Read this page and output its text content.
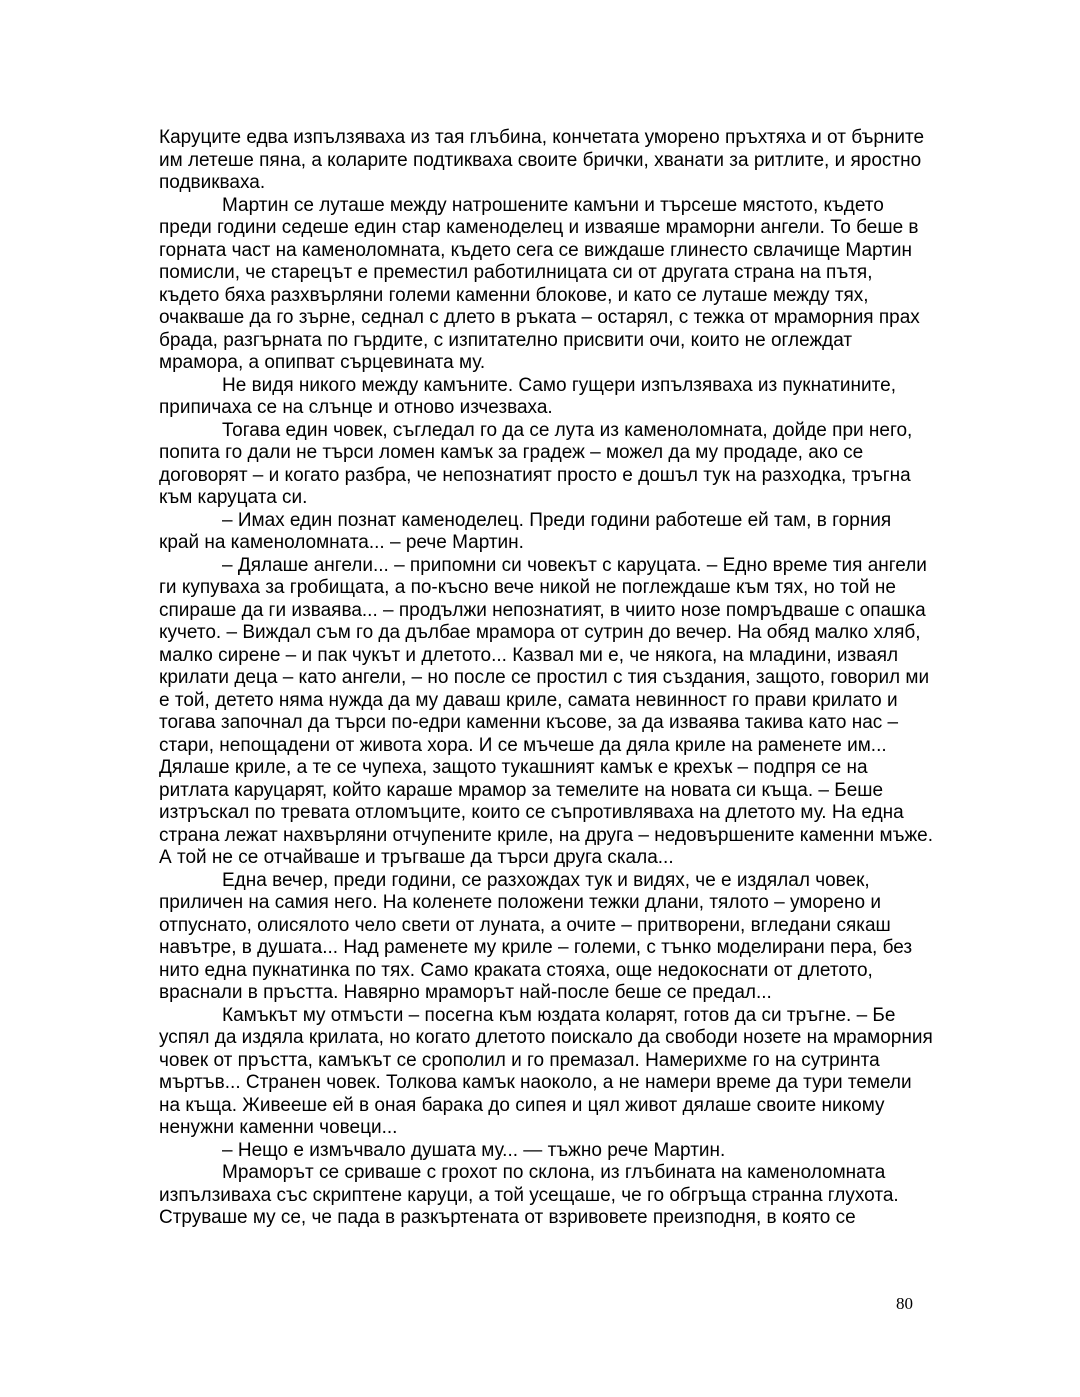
Каруците едва изпълзяваха из тая глъбина, кончетата уморено пръхтяха и от бърните им летеше пяна, а коларите подтикваха своите брички, хванати за ритлите, и яростно подвикваха.

Мартин се луташе между натрошените камъни и търсеше мястото, където преди години седеше един стар каменоделец и изваяше мраморни ангели. То беше в горната част на каменоломната, където сега се виждаше глинесто свлачище Мартин помисли, че старецът е преместил работилницата си от другата страна на пътя, където бяха разхвърляни големи каменни блокове, и като се луташе между тях, очакваше да го зърне, седнал с длето в ръката – остарял, с тежка от мраморния прах брада, разгърната по гърдите, с изпитателно присвити очи, които не оглеждат мрамора, а опипват сърцевината му.

Не видя никого между камъните. Само гущери изпълзяваха из пукнатините, припичаха се на слънце и отново изчезваха.

Тогава един човек, съгледал го да се лута из каменоломната, дойде при него, попита го дали не търси ломен камък за градеж – можел да му продаде, ако се договорят – и когато разбра, че непознатият просто е дошъл тук на разходка, тръгна към каруцата си.

– Имах един познат каменоделец. Преди години работеше ей там, в горния край на каменоломната... – рече Мартин.

– Дялаше ангели... – припомни си човекът с каруцата. – Едно време тия ангели ги купуваха за гробищата, а по-късно вече никой не поглеждаше към тях, но той не спираше да ги изваява... – продължи непознатият, в чиито нозе помръдваше с опашка кучето. – Виждал съм го да дълбае мрамора от сутрин до вечер. На обяд малко хляб, малко сирене – и пак чукът и длетото... Казвал ми е, че някога, на младини, изваял крилати деца – като ангели, – но после се простил с тия създания, защото, говорил ми е той, детето няма нужда да му даваш криле, самата невинност го прави крилато и тогава започнал да търси по-едри каменни късове, за да изваява такива като нас – стари, непощадени от живота хора. И се мъчеше да дяла криле на раменете им... Дялаше криле, а те се чупеха, защото тукашният камък е крехък – подпря се на ритлата каруцарят, който караше мрамор за темелите на новата си къща. – Беше изтръскал по тревата отломъците, които се съпротивляваха на длетото му. На една страна лежат нахвърляни отчупените криле, на друга – недовършените каменни мъже. А той не се отчайваше и тръгваше да търси друга скала...

Една вечер, преди години, се разхождах тук и видях, че е издялал човек, приличен на самия него. На коленете положени тежки длани, тялото – уморено и отпуснато, олисялото чело свети от луната, а очите – притворени, вгледани сякаш навътре, в душата... Над раменете му криле – големи, с тънко моделирани пера, без нито една пукнатинка по тях. Само краката стояха, още недокоснати от длетото, враснали в пръстта. Навярно мраморът най-после беше се предал...

Камъкът му отмъсти – посегна към юздата коларят, готов да си тръгне. – Бе успял да издяла крилата, но когато длетото поискало да свободи нозете на мраморния човек от пръстта, камъкът се срополил и го премазал. Намерихме го на сутринта мъртъв... Странен човек. Толкова камък наоколо, а не намери време да тури темели на къща. Живееше ей в оная барака до сипея и цял живот дялаше своите никому ненужни каменни човеци...

– Нещо е измъчвало душата му... — тъжно рече Мартин.

Мраморът се сриваше с грохот по склона, из глъбината на каменоломната изпълзиваха със скриптене каруци, а той усещаше, че го обгръща странна глухота. Струваше му се, че пада в разкъртената от взривовете преизподня, в която се

80
